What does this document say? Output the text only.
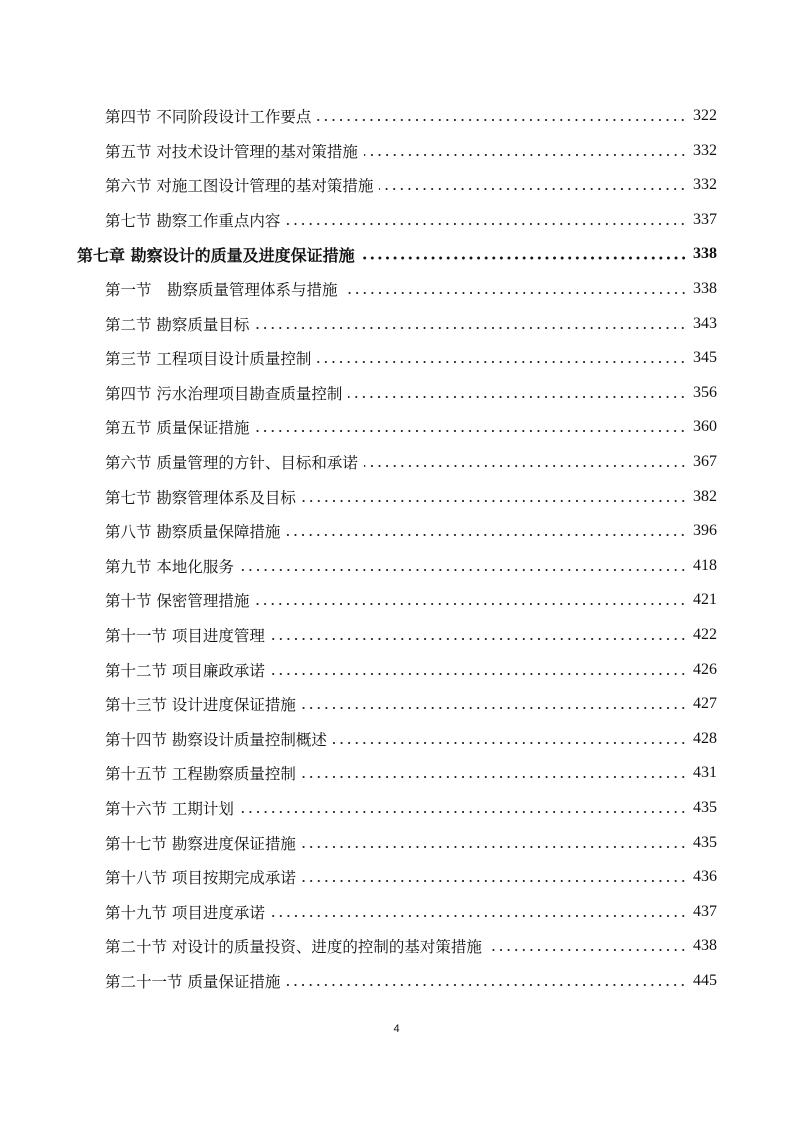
第四节 不同阶段设计工作要点	322
第五节 对技术设计管理的基对策措施	332
第六节 对施工图设计管理的基对策措施	332
第七节 勘察工作重点内容	337
第七章 勘察设计的质量及进度保证措施	338
第一节　勘察质量管理体系与措施	338
第二节 勘察质量目标	343
第三节 工程项目设计质量控制	345
第四节 污水治理项目勘查质量控制	356
第五节 质量保证措施	360
第六节 质量管理的方针、目标和承诺	367
第七节 勘察管理体系及目标	382
第八节 勘察质量保障措施	396
第九节 本地化服务	418
第十节 保密管理措施	421
第十一节 项目进度管理	422
第十二节 项目廉政承诺	426
第十三节 设计进度保证措施	427
第十四节 勘察设计质量控制概述	428
第十五节 工程勘察质量控制	431
第十六节 工期计划	435
第十七节 勘察进度保证措施	435
第十八节 项目按期完成承诺	436
第十九节 项目进度承诺	437
第二十节 对设计的质量投资、进度的控制的基对策措施	438
第二十一节 质量保证措施	445
4
